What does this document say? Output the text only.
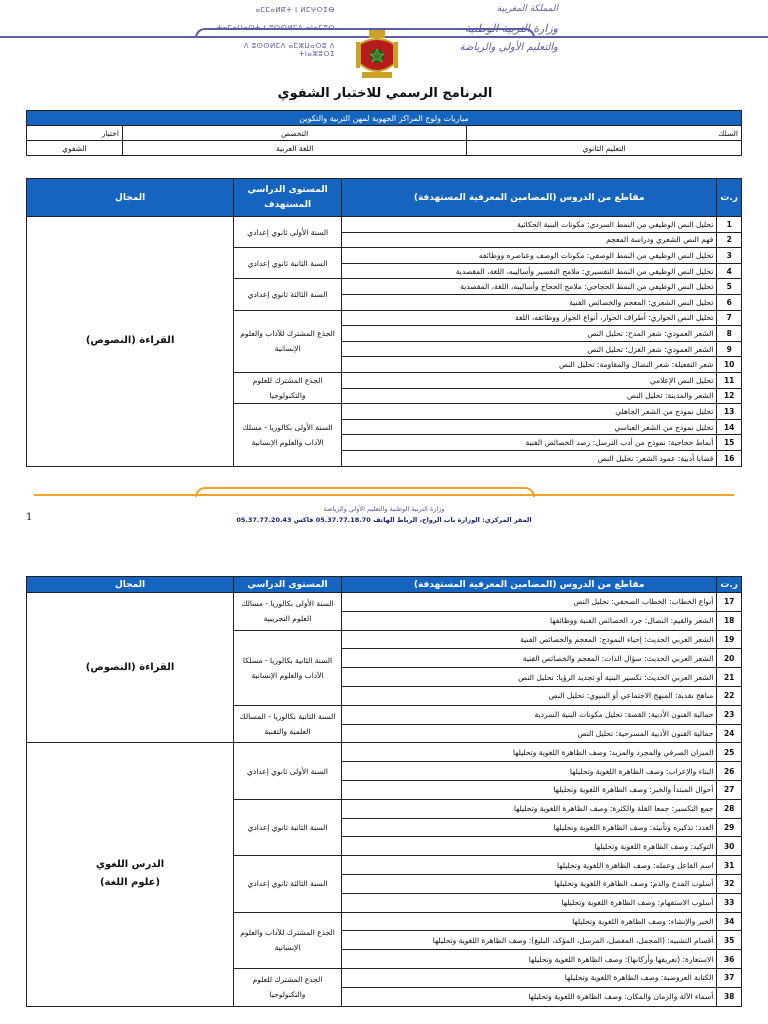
ⴰⵎⵎⴰⵍⴽⵜ ⵏ ⵍⵎⵖⵔⵉⴱ
ⵜⴰⵎⴰⵡⴰⵙⵜ ⵏ ⵓⵙⵙⵍⵎⴷ ⴰⵏⴰⵎⵓⵔ
ⴷ ⵓⵙⵙⵍⵎⴷ ⴰⵎⵣⵡⴰⵔⵓ ⴷ ⵜⵏⴰⵣⵓⵔⵉ
المملكة المغربية
وزارة التربية الوطنية
والتعليم الأولي والرياضة
البرنامج الرسمي للاختبار الشفوي
مباريات ولوج المراكز الجهوية لمهن التربية والتكوين		
السلك	التخصص	اختبار
التعليم الثانوي	اللغة العربية	الشفوي
ر.ت	مقاطع من الدروس (المضامين المعرفية المستهدفة)	المستوى الدراسي المستهدف	المجال
1	تحليل النص الوظيفي من النمط السردي: مكونات البنية الحكائية	السنة الأولى ثانوي إعدادي	القراءة (النصوص)
2	فهم النص الشعري ودراسة المعجم		
3	تحليل النص الوظيفي من النمط الوصفي: مكونات الوصف وعناصره ووظائفه	السنة الثانية ثانوي إعدادي	
4	تحليل النص الوظيفي من النمط التفسيري: ملامح التفسير وأساليبه، اللغة، المقصدية		
5	تحليل النص الوظيفي من النمط الحجاجي: ملامح الحجاج وأساليبه، اللغة، المقصدية	السنة الثالثة ثانوي إعدادي	
6	تحليل النص الشعري: المعجم والخصائص الفنية		
7	تحليل النص الحواري: أطراف الحوار، أنواع الحوار ووظائفه، اللغة	الجذع المشترك للآداب والعلوم الإنسانية	
8	الشعر العمودي: شعر المدح: تحليل النص		
9	الشعر العمودي: شعر الغزل: تحليل النص		
10	شعر التفعيلة: شعر النضال والمقاومة: تحليل النص		
11	تحليل النص الإعلامي	الجذع المشترك للعلوم والتكنولوجيا	
12	الشعر والمدينة: تحليل النص		
13	تحليل نموذج من الشعر الجاهلي	السنة الأولى بكالوريا - مسلك الآداب والعلوم الإنسانية	
14	تحليل نموذج من الشعر العباسي		
15	أنماط حجاجية: نموذج من أدب الترسل: رصد الخصائص الفنية		
16	قضايا أدبية: عمود الشعر: تحليل النص		
وزارة التربية الوطنية والتعليم الأولي والرياضة
المقر المركزي: الوزارة باب الرواح، الرباط الهاتف 05.37.77.18.70 فاكس 05.37.77.20.43
1
ر.ت	مقاطع من الدروس (المضامين المعرفية المستهدفة)	المستوى الدراسي	المجال
17	أنواع الخطاب: الخطاب الصحفي: تحليل النص	السنة الأولى بكالوريا - مسالك العلوم التجريبية	القراءة (النصوص)
18	الشعر والقيم: النضال: جرد الخصائص الفنية ووظائفها		
19	الشعر العربي الحديث: إحياء النموذج: المعجم والخصائص الفنية	السنة الثانية بكالوريا - مسلكا الآداب والعلوم الإنسانية	
20	الشعر العربي الحديث: سؤال الذات: المعجم والخصائص الفنية		
21	الشعر العربي الحديث: تكسير البنية أو تجديد الرؤيا: تحليل النص		
22	مناهج نقدية: المنهج الاجتماعي أو البنيوي: تحليل النص		
23	جمالية الفنون الأدبية: القصة: تحليل مكونات البنية السردية	السنة الثانية بكالوريا - المسالك العلمية والتقنية	
24	جمالية الفنون الأدبية المسرحية: تحليل النص		
25	الميزان الصرفي والمجرد والمزيد: وصف الظاهرة اللغوية وتحليلها	السنة الأولى ثانوي إعدادي	الدرس اللغوي
(علوم اللغة)

26	البناء والإعراب: وصف الظاهرة اللغوية وتحليلها		
27	أحوال المبتدأ والخبر: وصف الظاهرة اللغوية وتحليلها		
28	جمع التكسير: جمعا القلة والكثرة: وصف الظاهرة اللغوية وتحليلها	السنة الثانية ثانوي إعدادي	
29	العدد: تذكيره وتأنيثه: وصف الظاهرة اللغوية وتحليلها		
30	التوكيد: وصف الظاهرة اللغوية وتحليلها		
31	اسم الفاعل وعمله: وصف الظاهرة اللغوية وتحليلها	السنة الثالثة ثانوي إعدادي	
32	أسلوب المدح والذم: وصف الظاهرة اللغوية وتحليلها		
33	أسلوب الاستفهام: وصف الظاهرة اللغوية وتحليلها		
34	الخبر والإنشاء: وصف الظاهرة اللغوية وتحليلها	الجذع المشترك للآداب والعلوم الإنسانية	
35	أقسام التشبيه: (المجمل، المفصل، المرسل، المؤكد، البليغ): وصف الظاهرة اللغوية وتحليلها		
36	الاستعارة: (تعريفها وأركانها): وصف الظاهرة اللغوية وتحليلها		
37	الكتابة العروضية: وصف الظاهرة اللغوية وتحليلها	الجذع المشترك للعلوم والتكنولوجيا	
38	أسماء الآلة والزمان والمكان: وصف الظاهرة اللغوية وتحليلها		
